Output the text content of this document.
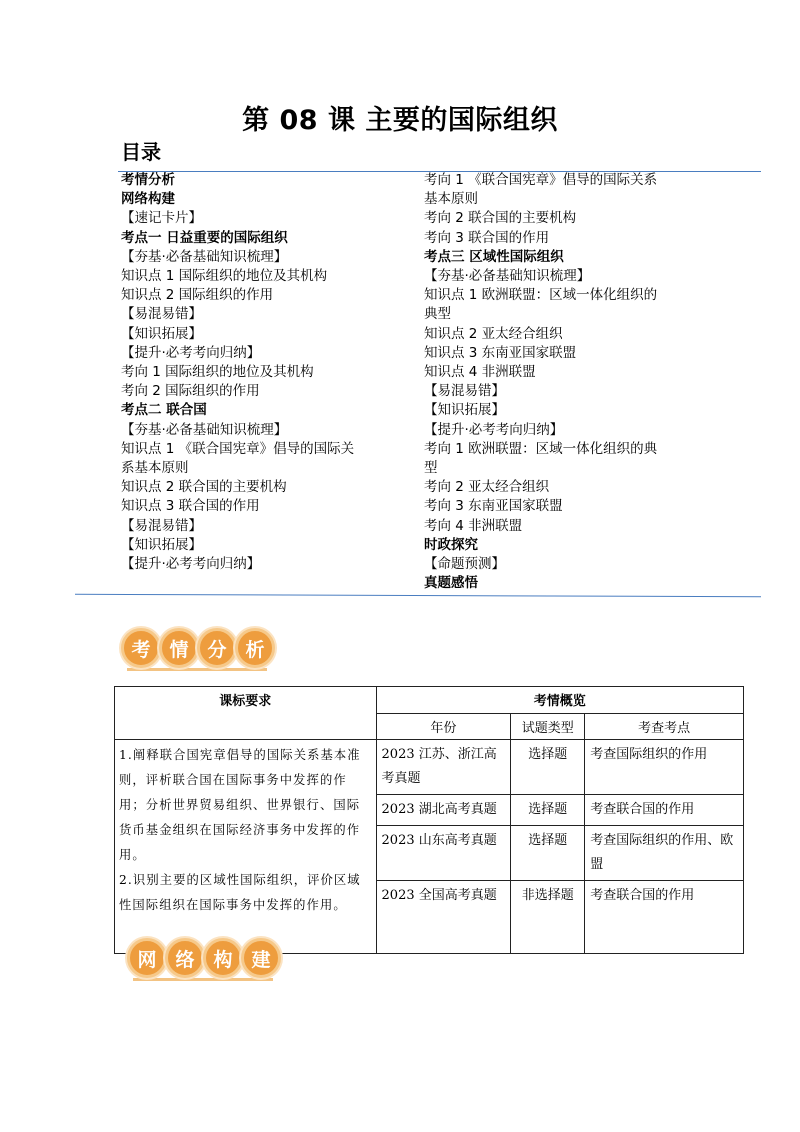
第 08 课 主要的国际组织
目录
考情分析
网络构建
【速记卡片】
考点一 日益重要的国际组织
【夯基·必备基础知识梳理】
知识点 1 国际组织的地位及其机构
知识点 2 国际组织的作用
【易混易错】
【知识拓展】
【提升·必考考向归纳】
考向 1 国际组织的地位及其机构
考向 2 国际组织的作用
考点二 联合国
【夯基·必备基础知识梳理】
知识点 1 《联合国宪章》倡导的国际关
系基本原则
知识点 2 联合国的主要机构
知识点 3 联合国的作用
【易混易错】
【知识拓展】
【提升·必考考向归纳】
考向 1 《联合国宪章》倡导的国际关系
基本原则
考向 2 联合国的主要机构
考向 3 联合国的作用
考点三 区域性国际组织
【夯基·必备基础知识梳理】
知识点 1 欧洲联盟：区域一体化组织的
典型
知识点 2 亚太经合组织
知识点 3 东南亚国家联盟
知识点 4 非洲联盟
【易混易错】
【知识拓展】
【提升·必考考向归纳】
考向 1 欧洲联盟：区域一体化组织的典
型
考向 2 亚太经合组织
考向 3 东南亚国家联盟
考向 4 非洲联盟
时政探究
【命题预测】
真题感悟
考 情 分 析
课标要求	考情概览		
	年份	试题类型	考查考点

1.阐释联合国宪章倡导的国际关系基本准则，评析联合国在国际事务中发挥的作用；分析世界贸易组织、世界银行、国际货币基金组织在国际经济事务中发挥的作用。

2.识别主要的区域性国际组织，评价区域性国际组织在国际事务中发挥的作用。	2023 江苏、浙江高考真题	选择题	考查国际组织的作用
	2023 湖北高考真题	选择题	考查联合国的作用
	2023 山东高考真题	选择题	考查国际组织的作用、欧盟
	2023 全国高考真题	非选择题	考查联合国的作用
网 络 构 建
